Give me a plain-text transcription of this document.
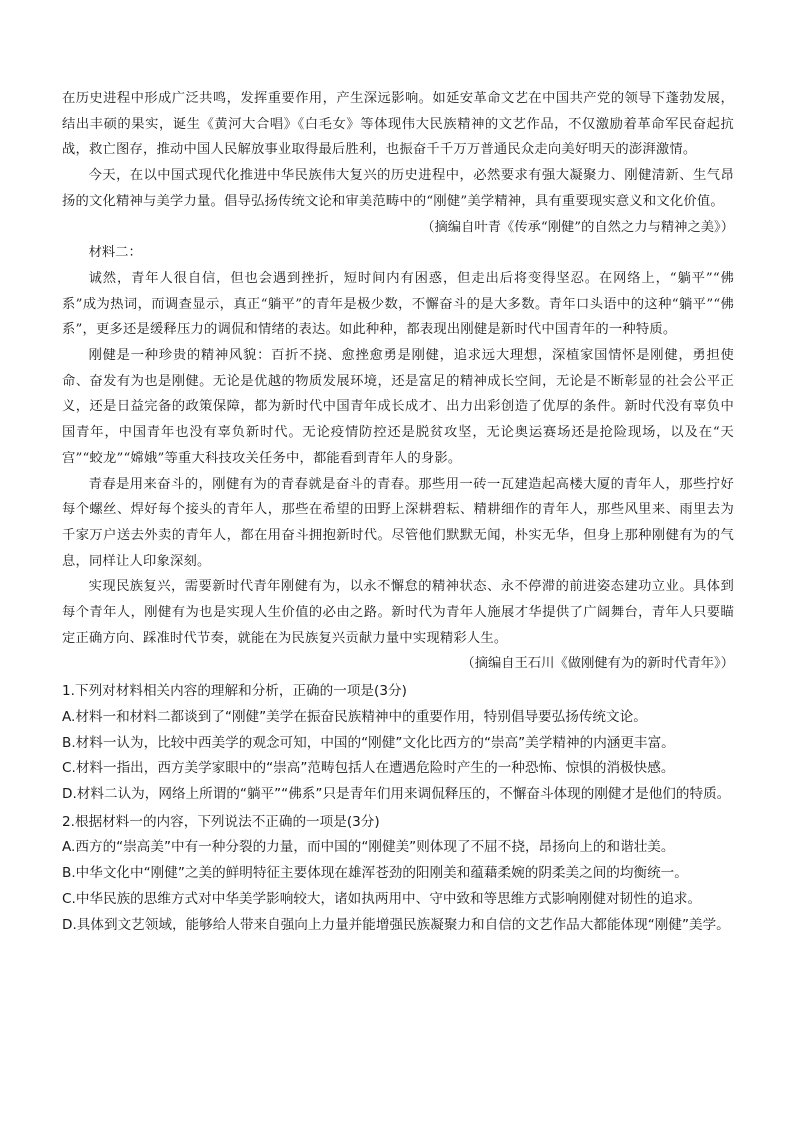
在历史进程中形成广泛共鸣，发挥重要作用，产生深远影响。如延安革命文艺在中国共产党的领导下蓬勃发展，结出丰硕的果实，诞生《黄河大合唱》《白毛女》等体现伟大民族精神的文艺作品，不仅激励着革命军民奋起抗战，救亡图存，推动中国人民解放事业取得最后胜利，也振奋千千万万普通民众走向美好明天的澎湃激情。

今天，在以中国式现代化推进中华民族伟大复兴的历史进程中，必然要求有强大凝聚力、刚健清新、生气昂扬的文化精神与美学力量。倡导弘扬传统文论和审美范畴中的“刚健”美学精神，具有重要现实意义和文化价值。

（摘编自叶青《传承“刚健”的自然之力与精神之美》）

材料二：

诚然，青年人很自信，但也会遇到挫折，短时间内有困惑，但走出后将变得坚忍。在网络上，“躺平”“佛系”成为热词，而调查显示，真正“躺平”的青年是极少数，不懈奋斗的是大多数。青年口头语中的这种“躺平”“佛系”，更多还是缓释压力的调侃和情绪的表达。如此种种，都表现出刚健是新时代中国青年的一种特质。

刚健是一种珍贵的精神风貌：百折不挠、愈挫愈勇是刚健，追求远大理想，深植家国情怀是刚健，勇担使命、奋发有为也是刚健。无论是优越的物质发展环境，还是富足的精神成长空间，无论是不断彰显的社会公平正义，还是日益完备的政策保障，都为新时代中国青年成长成才、出力出彩创造了优厚的条件。新时代没有辜负中国青年，中国青年也没有辜负新时代。无论疫情防控还是脱贫攻坚，无论奥运赛场还是抢险现场，以及在“天宫”“蛟龙”“嫦娥”等重大科技攻关任务中，都能看到青年人的身影。

青春是用来奋斗的，刚健有为的青春就是奋斗的青春。那些用一砖一瓦建造起高楼大厦的青年人，那些拧好每个螺丝、焊好每个接头的青年人，那些在希望的田野上深耕碧耘、精耕细作的青年人，那些风里来、雨里去为千家万户送去外卖的青年人，都在用奋斗拥抱新时代。尽管他们默默无闻，朴实无华，但身上那种刚健有为的气息，同样让人印象深刻。

实现民族复兴，需要新时代青年刚健有为，以永不懈怠的精神状态、永不停滞的前进姿态建功立业。具体到每个青年人，刚健有为也是实现人生价值的必由之路。新时代为青年人施展才华提供了广阔舞台，青年人只要瞄定正确方向、踩准时代节奏，就能在为民族复兴贡献力量中实现精彩人生。

（摘编自王石川《做刚健有为的新时代青年》）

1.下列对材料相关内容的理解和分析，正确的一项是(3分)

A.材料一和材料二都谈到了“刚健”美学在振奋民族精神中的重要作用，特别倡导要弘扬传统文论。

B.材料一认为，比较中西美学的观念可知，中国的“刚健”文化比西方的“崇高”美学精神的内涵更丰富。

C.材料一指出，西方美学家眼中的“崇高”范畴包括人在遭遇危险时产生的一种恐怖、惊惧的消极快感。

D.材料二认为，网络上所谓的“躺平”“佛系”只是青年们用来调侃释压的，不懈奋斗体现的刚健才是他们的特质。

2.根据材料一的内容，下列说法不正确的一项是(3分)

A.西方的“崇高美”中有一种分裂的力量，而中国的“刚健美”则体现了不屈不挠，昂扬向上的和谐壮美。

B.中华文化中“刚健”之美的鲜明特征主要体现在雄浑苍劲的阳刚美和蕴藉柔婉的阴柔美之间的均衡统一。

C.中华民族的思维方式对中华美学影响较大，诸如执两用中、守中致和等思维方式影响刚健对韧性的追求。

D.具体到文艺领域，能够给人带来自强向上力量并能增强民族凝聚力和自信的文艺作品大都能体现“刚健”美学。
